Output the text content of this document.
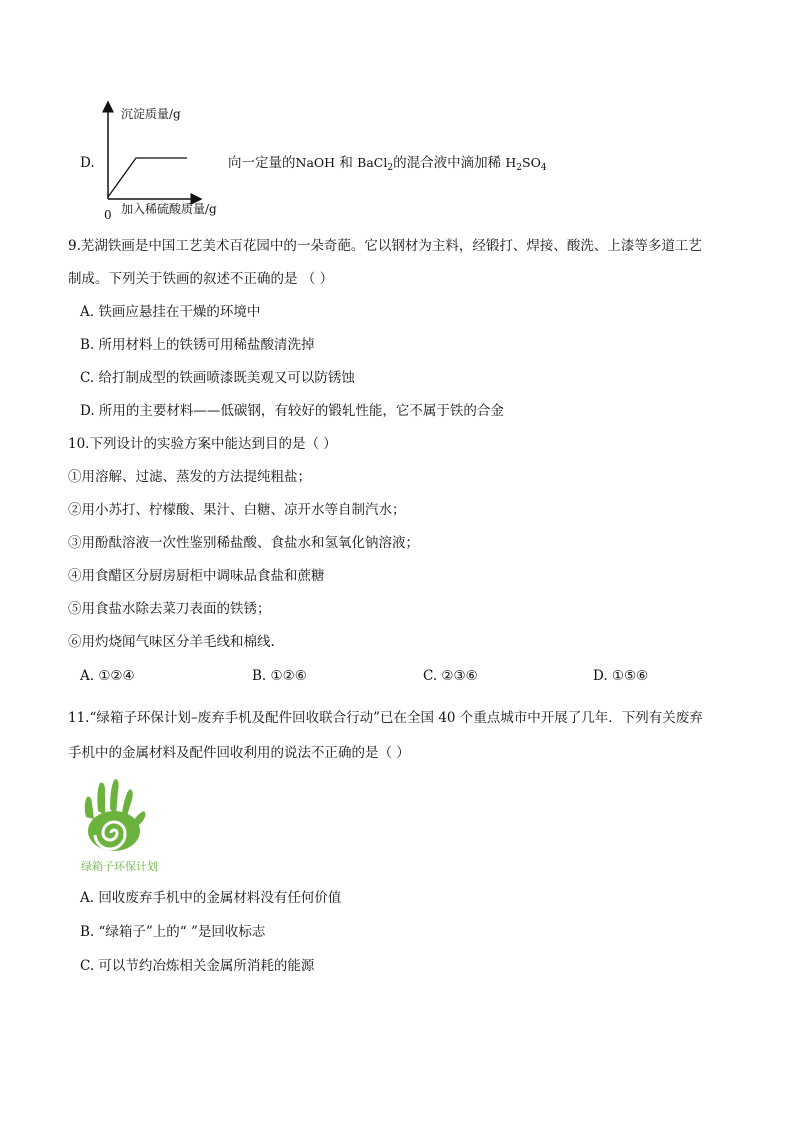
D.
沉淀质量/g
加入稀硫酸质量/g
0
向一定量的NaOH 和 BaCl$_2$的混合液中滴加稀 $H_2SO_4$
9.芜湖铁画是中国工艺美术百花园中的一朵奇葩。它以钢材为主料，经锻打、焊接、酸洗、上漆等多道工艺
制成。下列关于铁画的叙述不正确的是 （ ）
A. 铁画应悬挂在干燥的环境中
B. 所用材料上的铁锈可用稀盐酸清洗掉
C. 给打制成型的铁画喷漆既美观又可以防锈蚀
D. 所用的主要材料——低碳钢，有较好的锻轧性能，它不属于铁的合金
10.下列设计的实验方案中能达到目的是（ ）
①用溶解、过滤、蒸发的方法提纯粗盐；
②用小苏打、柠檬酸、果汁、白糖、凉开水等自制汽水；
③用酚酞溶液一次性鉴别稀盐酸、食盐水和氢氧化钠溶液；
④用食醋区分厨房厨柜中调味品食盐和蔗糖
⑤用食盐水除去菜刀表面的铁锈；
⑥用灼烧闻气味区分羊毛线和棉线.
A. ①②④	B. ①②⑥	C. ②③⑥	D. ①⑤⑥
11.“绿箱子环保计划–废弃手机及配件回收联合行动”已在全国 40 个重点城市中开展了几年．下列有关废弃
手机中的金属材料及配件回收利用的说法不正确的是（ ）
绿箱子环保计划
A. 回收废弃手机中的金属材料没有任何价值
B. “绿箱子”上的“ ”是回收标志
C. 可以节约冶炼相关金属所消耗的能源
